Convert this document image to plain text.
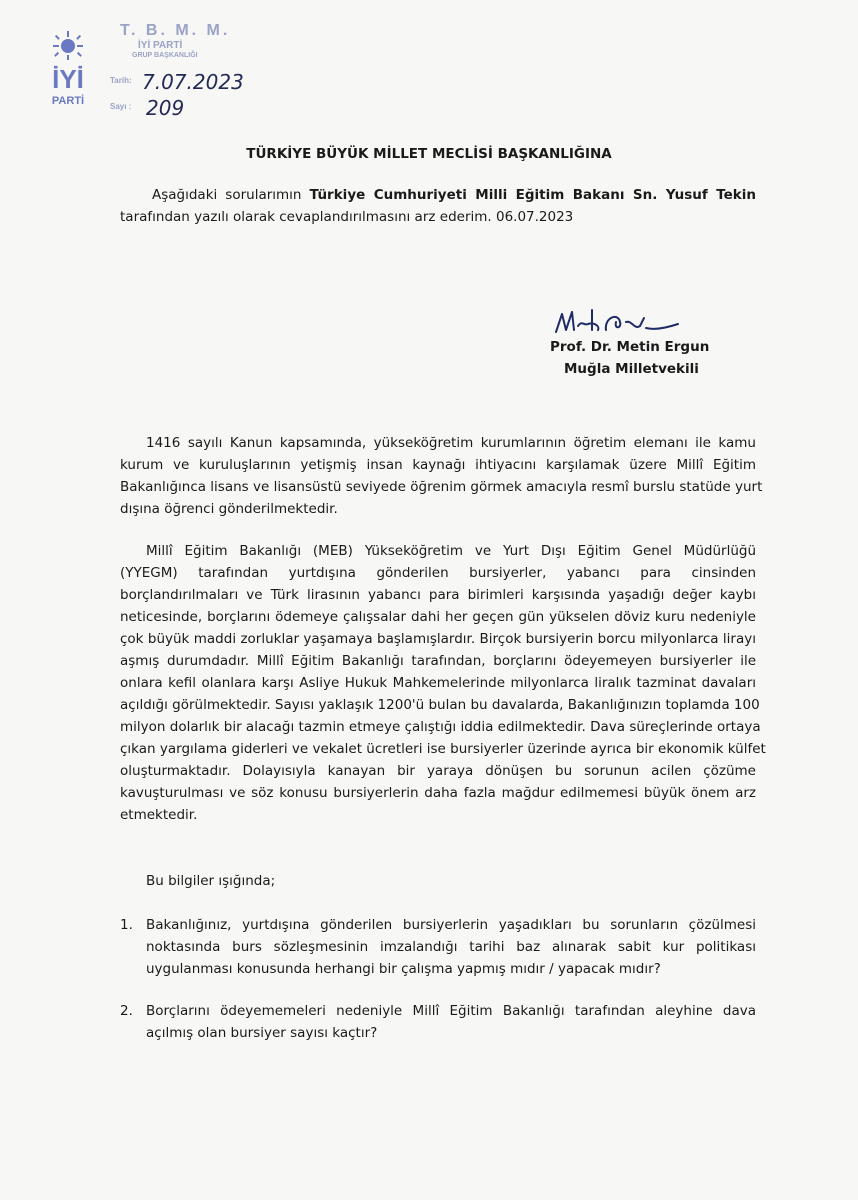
İYİ
PARTİ
T. B. M. M.
İYİ PARTİ
GRUP BAŞKANLIĞI
Tarih:
Sayı :
7.07.2023
209
TÜRKİYE BÜYÜK MİLLET MECLİSİ BAŞKANLIĞINA
Aşağıdaki sorularımın Türkiye Cumhuriyeti Milli Eğitim Bakanı Sn. Yusuf Tekin
tarafından yazılı olarak cevaplandırılmasını arz ederim. 06.07.2023
Prof. Dr. Metin Ergun
Muğla Milletvekili
1416 sayılı Kanun kapsamında, yükseköğretim kurumlarının öğretim elemanı ile kamu
kurum ve kuruluşlarının yetişmiş insan kaynağı ihtiyacını karşılamak üzere Millî Eğitim
Bakanlığınca lisans ve lisansüstü seviyede öğrenim görmek amacıyla resmî burslu statüde yurt
dışına öğrenci gönderilmektedir.
Millî Eğitim Bakanlığı (MEB) Yükseköğretim ve Yurt Dışı Eğitim Genel Müdürlüğü
(YYEGM) tarafından yurtdışına gönderilen bursiyerler, yabancı para cinsinden
borçlandırılmaları ve Türk lirasının yabancı para birimleri karşısında yaşadığı değer kaybı
neticesinde, borçlarını ödemeye çalışsalar dahi her geçen gün yükselen döviz kuru nedeniyle
çok büyük maddi zorluklar yaşamaya başlamışlardır. Birçok bursiyerin borcu milyonlarca lirayı
aşmış durumdadır. Millî Eğitim Bakanlığı tarafından, borçlarını ödeyemeyen bursiyerler ile
onlara kefil olanlara karşı Asliye Hukuk Mahkemelerinde milyonlarca liralık tazminat davaları
açıldığı görülmektedir. Sayısı yaklaşık 1200'ü bulan bu davalarda, Bakanlığınızın toplamda 100
milyon dolarlık bir alacağı tazmin etmeye çalıştığı iddia edilmektedir. Dava süreçlerinde ortaya
çıkan yargılama giderleri ve vekalet ücretleri ise bursiyerler üzerinde ayrıca bir ekonomik külfet
oluşturmaktadır. Dolayısıyla kanayan bir yaraya dönüşen bu sorunun acilen çözüme
kavuşturulması ve söz konusu bursiyerlerin daha fazla mağdur edilmemesi büyük önem arz
etmektedir.
Bu bilgiler ışığında;
1. Bakanlığınız, yurtdışına gönderilen bursiyerlerin yaşadıkları bu sorunların çözülmesi
noktasında burs sözleşmesinin imzalandığı tarihi baz alınarak sabit kur politikası
uygulanması konusunda herhangi bir çalışma yapmış mıdır / yapacak mıdır?
2. Borçlarını ödeyememeleri nedeniyle Millî Eğitim Bakanlığı tarafından aleyhine dava
açılmış olan bursiyer sayısı kaçtır?
